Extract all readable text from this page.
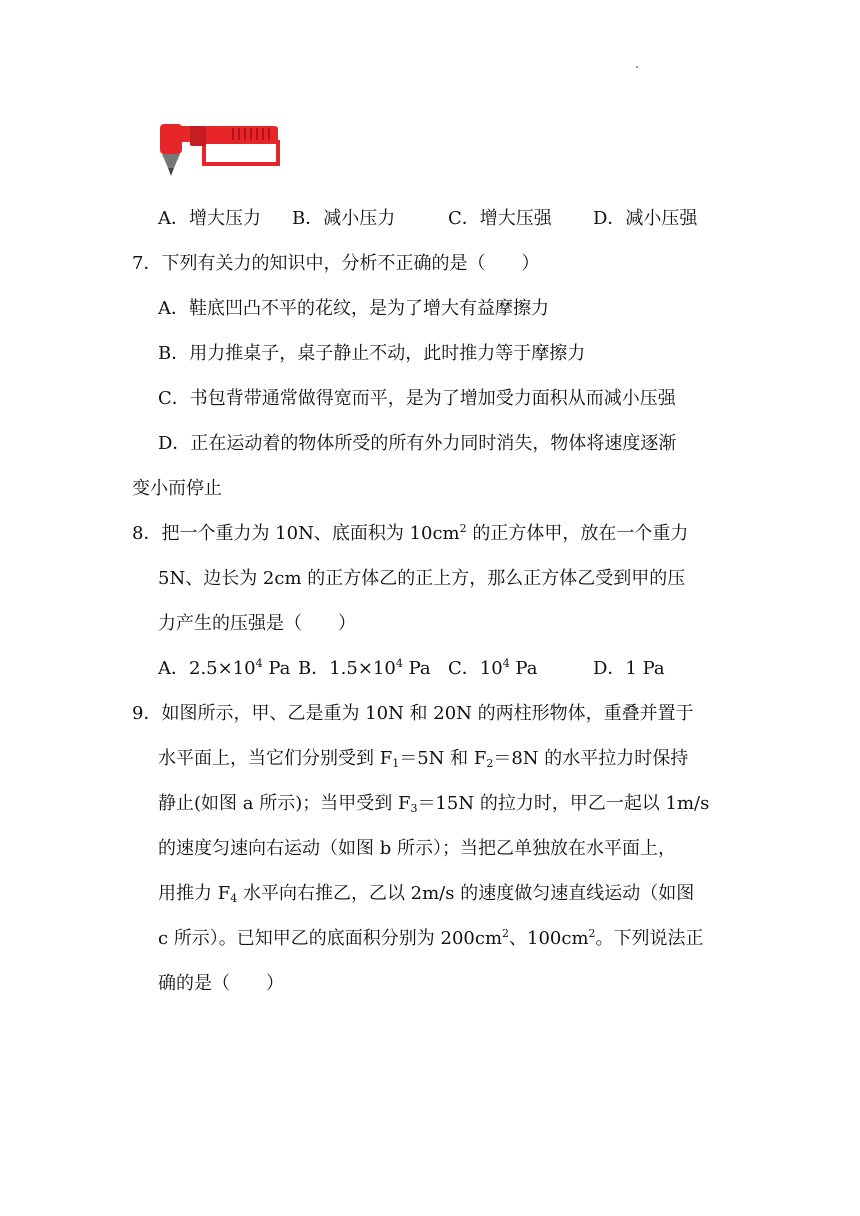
A．增大压力 B．减小压力	C．增大压强 D．减小压强
7．下列有关力的知识中，分析不正确的是（　　）
A．鞋底凹凸不平的花纹，是为了增大有益摩擦力
B．用力推桌子，桌子静止不动，此时推力等于摩擦力
C．书包背带通常做得宽而平，是为了增加受力面积从而减小压强
D．正在运动着的物体所受的所有外力同时消失，物体将速度逐渐
变小而停止
8．把一个重力为 10N、底面积为 $10cm^2$ 的正方体甲，放在一个重力
5N、边长为 2cm 的正方体乙的正上方，那么正方体乙受到甲的压
力产生的压强是（　　）
A．$2.5\times 10^4$ Pa B．$1.5\times 10^4$ Pa C．$10^4$ Pa	D．1 Pa
9．如图所示，甲、乙是重为 10N 和 20N 的两柱形物体，重叠并置于
水平面上，当它们分别受到 $F_1=5N$ 和 $F_2=8N$ 的水平拉力时保持
静止(如图 a 所示)；当甲受到 $F_3=15N$ 的拉力时，甲乙一起以 1m/s
的速度匀速向右运动（如图 b 所示）；当把乙单独放在水平面上，
用推力 $F_4$ 水平向右推乙，乙以 2m/s 的速度做匀速直线运动（如图
c 所示）。已知甲乙的底面积分别为 $200cm^2$、$100cm^2$。下列说法正
确的是（　　）
